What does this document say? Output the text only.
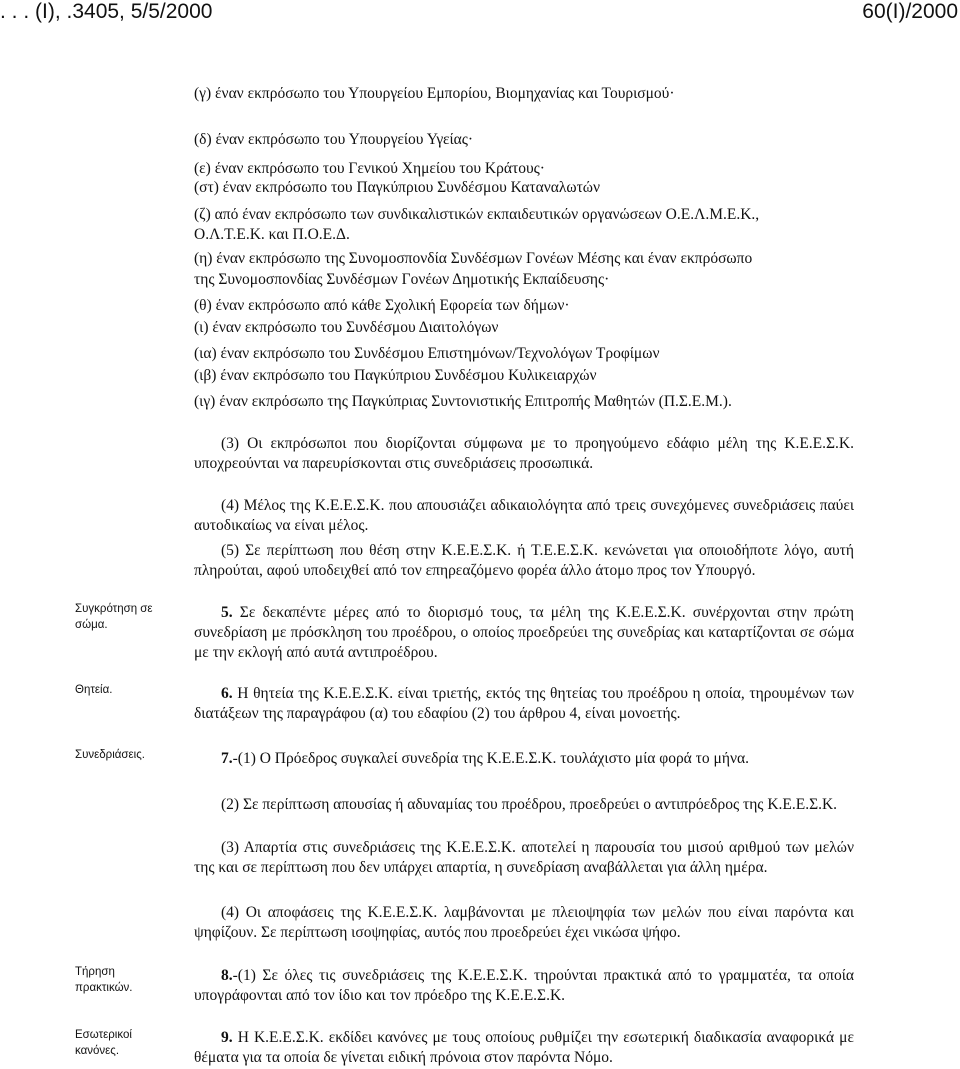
. . . (Ι), .3405, 5/5/2000	60(Ι)/2000

(γ) έναν εκπρόσωπο του Υπουργείου Εμπορίου, Βιομηχανίας και Τουρισμού·

(δ) έναν εκπρόσωπο του Υπουργείου Υγείας·

(ε) έναν εκπρόσωπο του Γενικού Χημείου του Κράτους·

(στ) έναν εκπρόσωπο του Παγκύπριου Συνδέσμου Καταναλωτών

(ζ) από έναν εκπρόσωπο των συνδικαλιστικών εκπαιδευτικών οργανώσεων Ο.Ε.Λ.Μ.Ε.Κ.,

Ο.Λ.Τ.Ε.Κ. και Π.Ο.Ε.Δ.

(η) έναν εκπρόσωπο της Συνομοσπονδία Συνδέσμων Γονέων Μέσης και έναν εκπρόσωπο

της Συνομοσπονδίας Συνδέσμων Γονέων Δημοτικής Εκπαίδευσης·

(θ) έναν εκπρόσωπο από κάθε Σχολική Εφορεία των δήμων·

(ι) έναν εκπρόσωπο του Συνδέσμου Διαιτολόγων

(ια) έναν εκπρόσωπο του Συνδέσμου Επιστημόνων/Τεχνολόγων Τροφίμων

(ιβ) έναν εκπρόσωπο του Παγκύπριου Συνδέσμου Κυλικειαρχών

(ιγ) έναν εκπρόσωπο της Παγκύπριας Συντονιστικής Επιτροπής Μαθητών (Π.Σ.Ε.Μ.).

(3) Οι εκπρόσωποι που διορίζονται σύμφωνα με το προηγούμενο εδάφιο μέλη της Κ.Ε.Ε.Σ.Κ. υποχρεούνται να παρευρίσκονται στις συνεδριάσεις προσωπικά.

(4) Μέλος της Κ.Ε.Ε.Σ.Κ. που απουσιάζει αδικαιολόγητα από τρεις συνεχόμενες συνεδριάσεις παύει αυτοδικαίως να είναι μέλος.

(5) Σε περίπτωση που θέση στην Κ.Ε.Ε.Σ.Κ. ή Τ.Ε.Ε.Σ.Κ. κενώνεται για οποιοδήποτε λόγο, αυτή πληρούται, αφού υποδειχθεί από τον επηρεαζόμενο φορέα άλλο άτομο προς τον Υπουργό.

Συγκρότηση σε σώμα.

5. Σε δεκαπέντε μέρες από το διορισμό τους, τα μέλη της Κ.Ε.Ε.Σ.Κ. συνέρχονται στην πρώτη συνεδρίαση με πρόσκληση του προέδρου, ο οποίος προεδρεύει της συνεδρίας και καταρτίζονται σε σώμα με την εκλογή από αυτά αντιπροέδρου.

Θητεία.	6. Η θητεία της Κ.Ε.Ε.Σ.Κ. είναι τριετής, εκτός της θητείας του προέδρου η οποία, τηρουμένων των διατάξεων της παραγράφου (α) του εδαφίου (2) του άρθρου 4, είναι μονοετής.

Συνεδριάσεις.	7.-(1) Ο Πρόεδρος συγκαλεί συνεδρία της Κ.Ε.Ε.Σ.Κ. τουλάχιστο μία φορά το μήνα.

(2) Σε περίπτωση απουσίας ή αδυναμίας του προέδρου, προεδρεύει ο αντιπρόεδρος της Κ.Ε.Ε.Σ.Κ.

(3) Απαρτία στις συνεδριάσεις της Κ.Ε.Ε.Σ.Κ. αποτελεί η παρουσία του μισού αριθμού των μελών της και σε περίπτωση που δεν υπάρχει απαρτία, η συνεδρίαση αναβάλλεται για άλλη ημέρα.

(4) Οι αποφάσεις της Κ.Ε.Ε.Σ.Κ. λαμβάνονται με πλειοψηφία των μελών που είναι παρόντα και ψηφίζουν. Σε περίπτωση ισοψηφίας, αυτός που προεδρεύει έχει νικώσα ψήφο.

Τήρηση πρακτικών.

8.-(1) Σε όλες τις συνεδριάσεις της Κ.Ε.Ε.Σ.Κ. τηρούνται πρακτικά από το γραμματέα, τα οποία υπογράφονται από τον ίδιο και τον πρόεδρο της Κ.Ε.Ε.Σ.Κ.

Εσωτερικοί κανόνες.

9. Η Κ.Ε.Ε.Σ.Κ. εκδίδει κανόνες με τους οποίους ρυθμίζει την εσωτερική διαδικασία αναφορικά με θέματα για τα οποία δε γίνεται ειδική πρόνοια στον παρόντα Νόμο.
